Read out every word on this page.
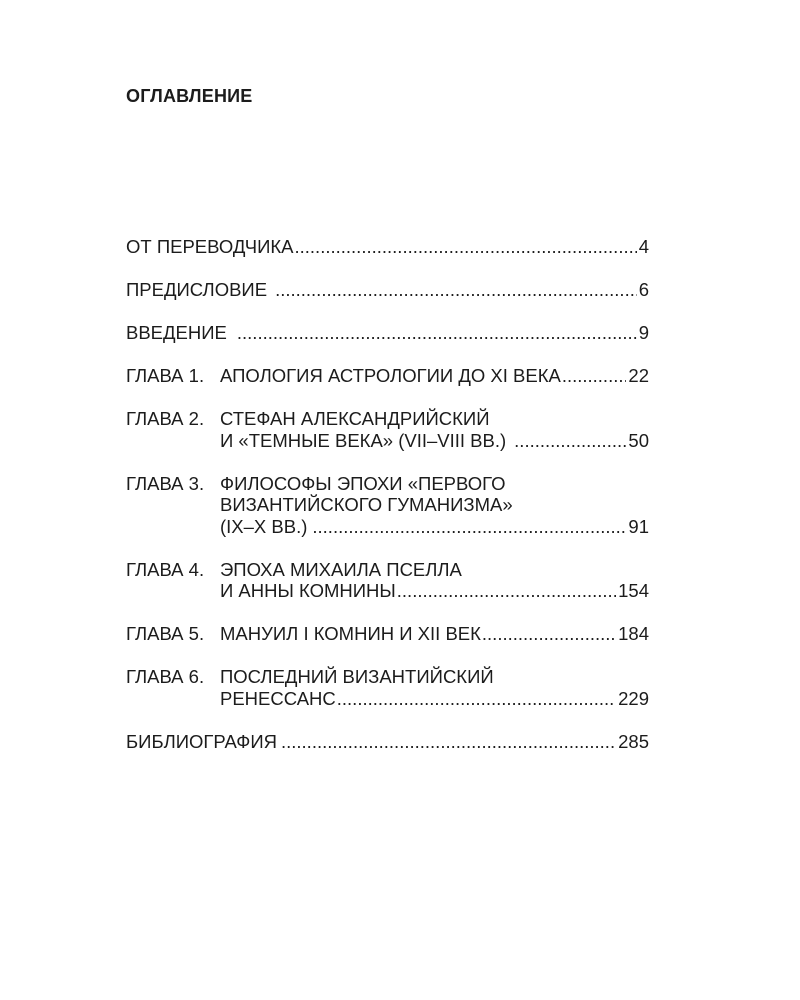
ОГЛАВЛЕНИЕ
ОТ ПЕРЕВОДЧИКА .....	4
ПРЕДИСЛОВИЕ .....	6
ВВЕДЕНИЕ .....	9
ГЛАВА 1. АПОЛОГИЯ АСТРОЛОГИИ ДО XI ВЕКА .....	22
ГЛАВА 2. СТЕФАН АЛЕКСАНДРИЙСКИЙ
И «ТЕМНЫЕ ВЕКА» (VII–VIII ВВ.) .....	50
ГЛАВА 3. ФИЛОСОФЫ ЭПОХИ «ПЕРВОГО
ВИЗАНТИЙСКОГО ГУМАНИЗМА»
(IX–X ВВ.) .....	91
ГЛАВА 4. ЭПОХА МИХАИЛА ПСЕЛЛА
И АННЫ КОМНИНЫ .....	154
ГЛАВА 5. МАНУИЛ I КОМНИН И XII ВЕК .....	184
ГЛАВА 6. ПОСЛЕДНИЙ ВИЗАНТИЙСКИЙ
РЕНЕССАНС .....	229
БИБЛИОГРАФИЯ .....	285
